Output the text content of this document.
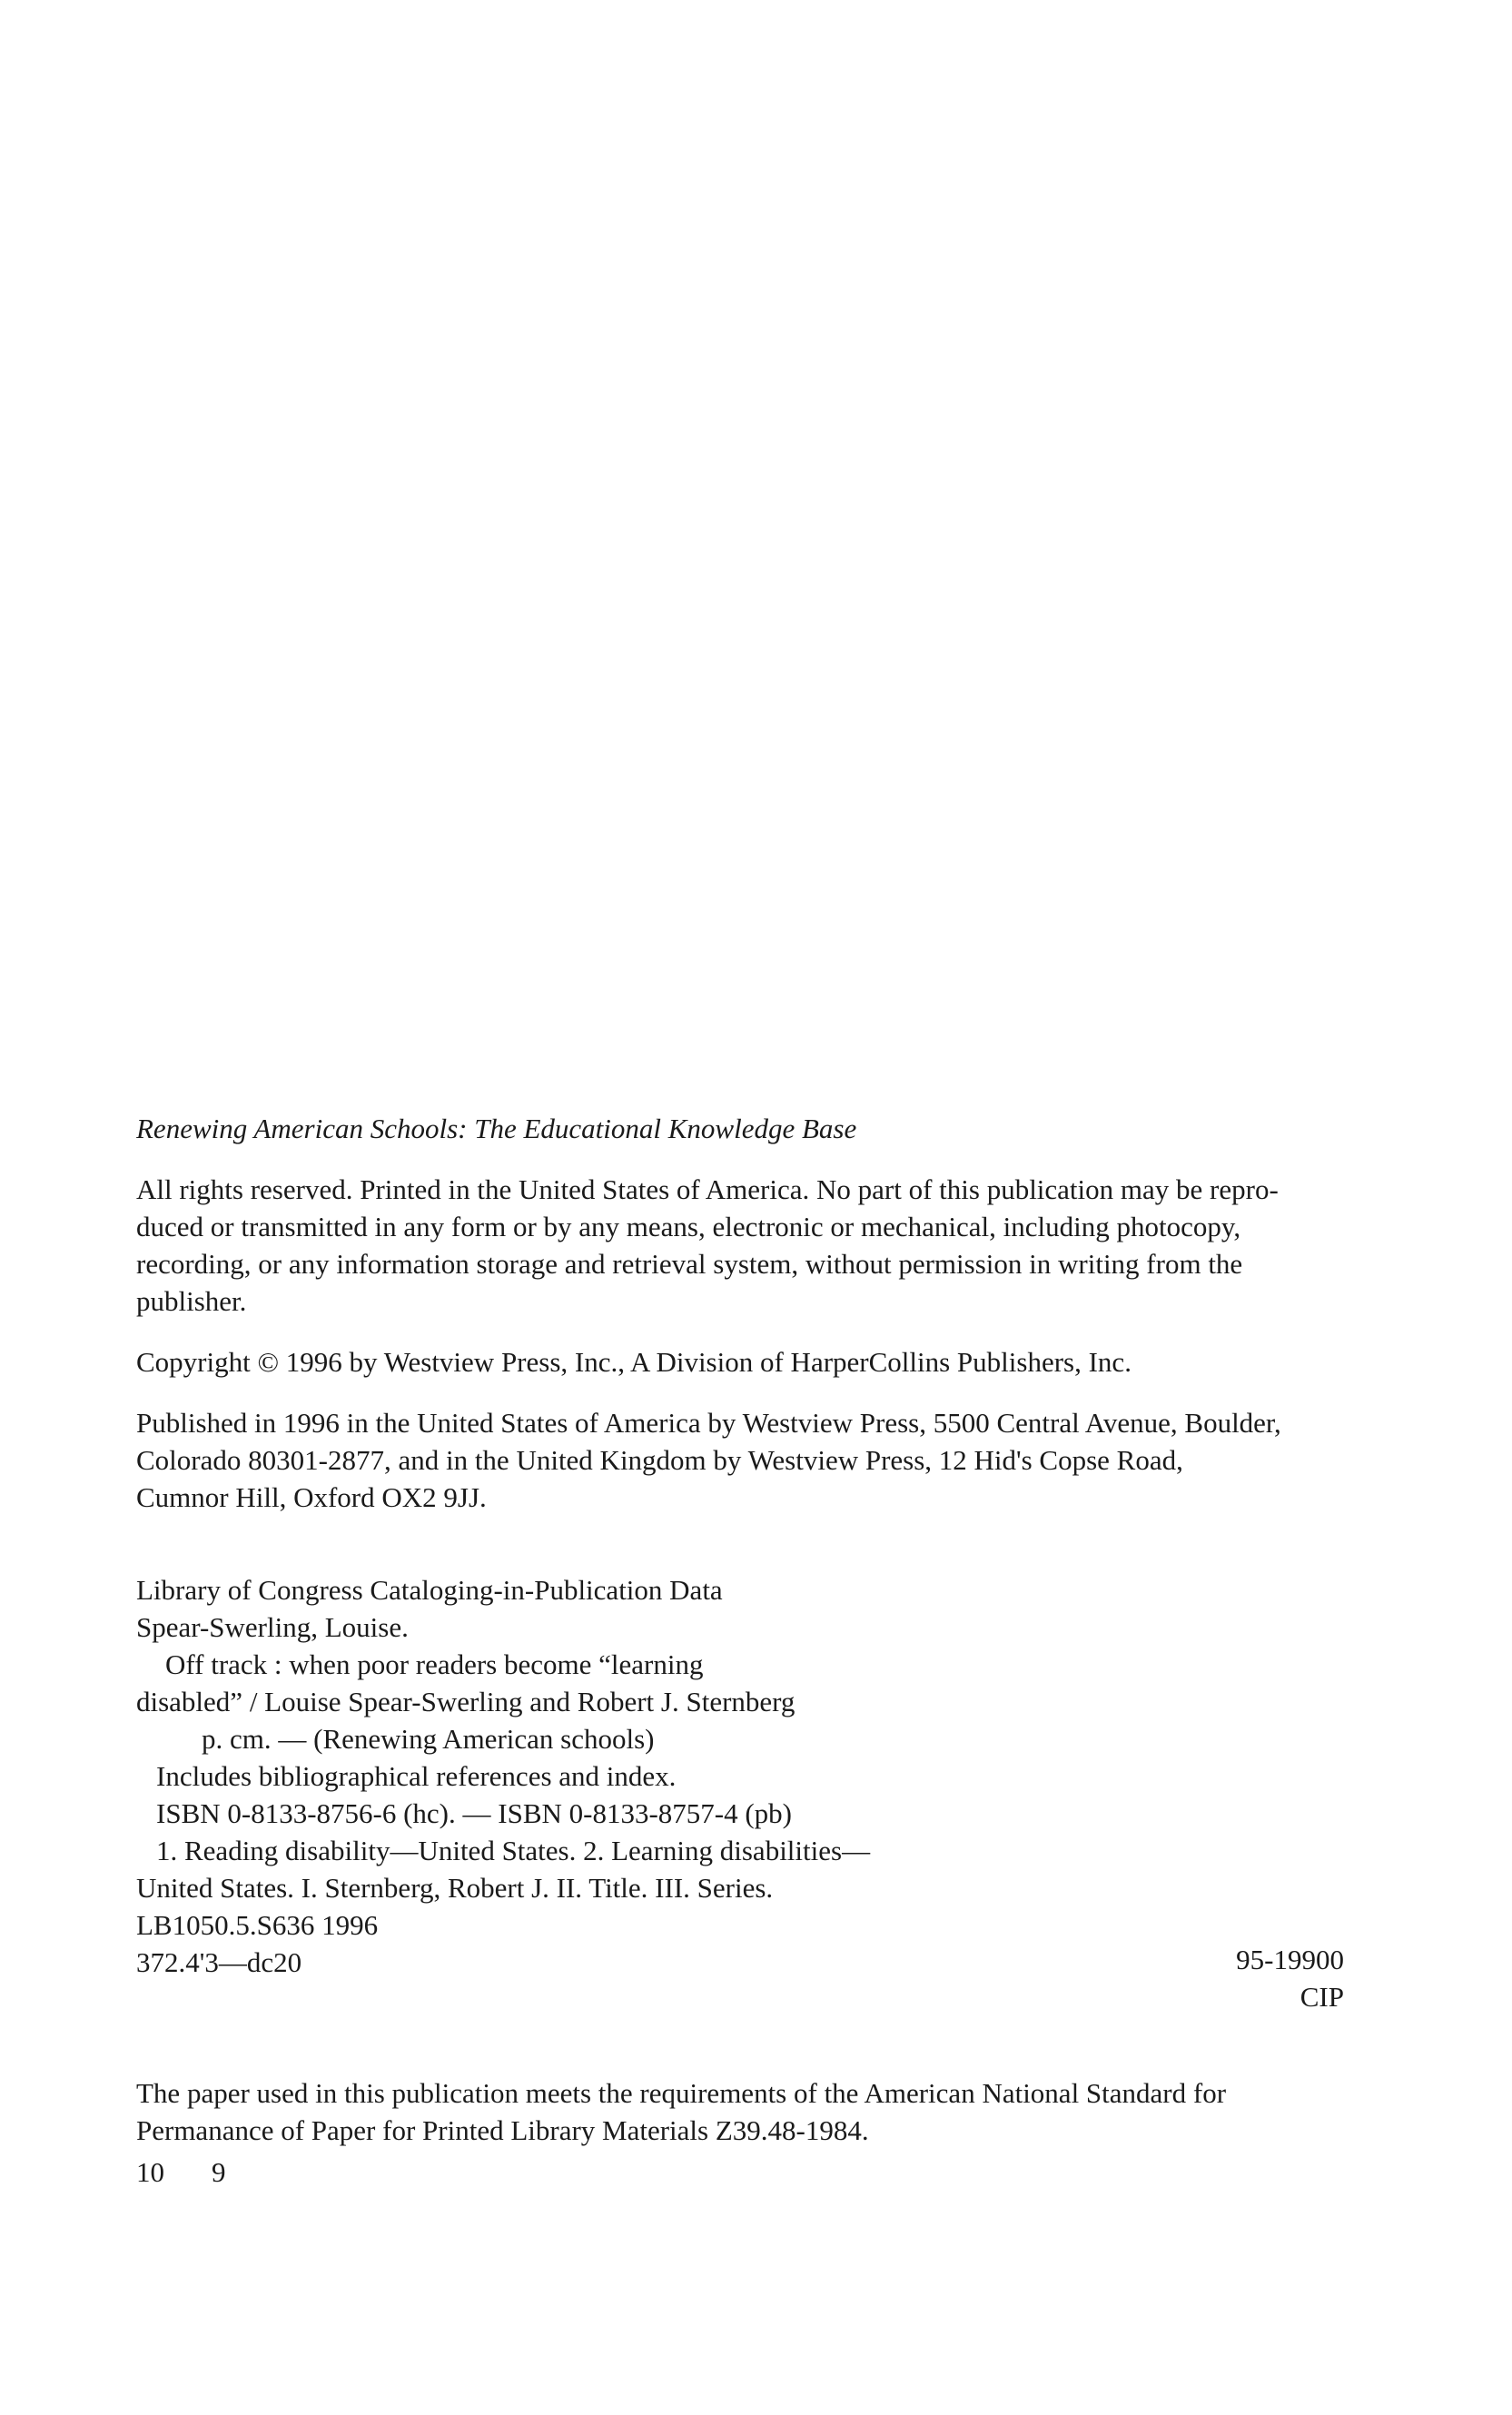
Renewing American Schools: The Educational Knowledge Base
All rights reserved. Printed in the United States of America. No part of this publication may be repro-
duced or transmitted in any form or by any means, electronic or mechanical, including photocopy,
recording, or any information storage and retrieval system, without permission in writing from the
publisher.
Copyright © 1996 by Westview Press, Inc., A Division of HarperCollins Publishers, Inc.
Published in 1996 in the United States of America by Westview Press, 5500 Central Avenue, Boulder,
Colorado 80301-2877, and in the United Kingdom by Westview Press, 12 Hid's Copse Road,
Cumnor Hill, Oxford OX2 9JJ.
Library of Congress Cataloging-in-Publication Data
Spear-Swerling, Louise.
Off track : when poor readers become “learning
disabled” / Louise Spear-Swerling and Robert J. Sternberg
p. cm. — (Renewing American schools)
Includes bibliographical references and index.
ISBN 0-8133-8756-6 (hc). — ISBN 0-8133-8757-4 (pb)
1. Reading disability—United States. 2. Learning disabilities—
United States. I. Sternberg, Robert J. II. Title. III. Series.
LB1050.5.S636 1996
372.4'3—dc20	95-19900
CIP
The paper used in this publication meets the requirements of the American National Standard for
Permanance of Paper for Printed Library Materials Z39.48-1984.
10 9
